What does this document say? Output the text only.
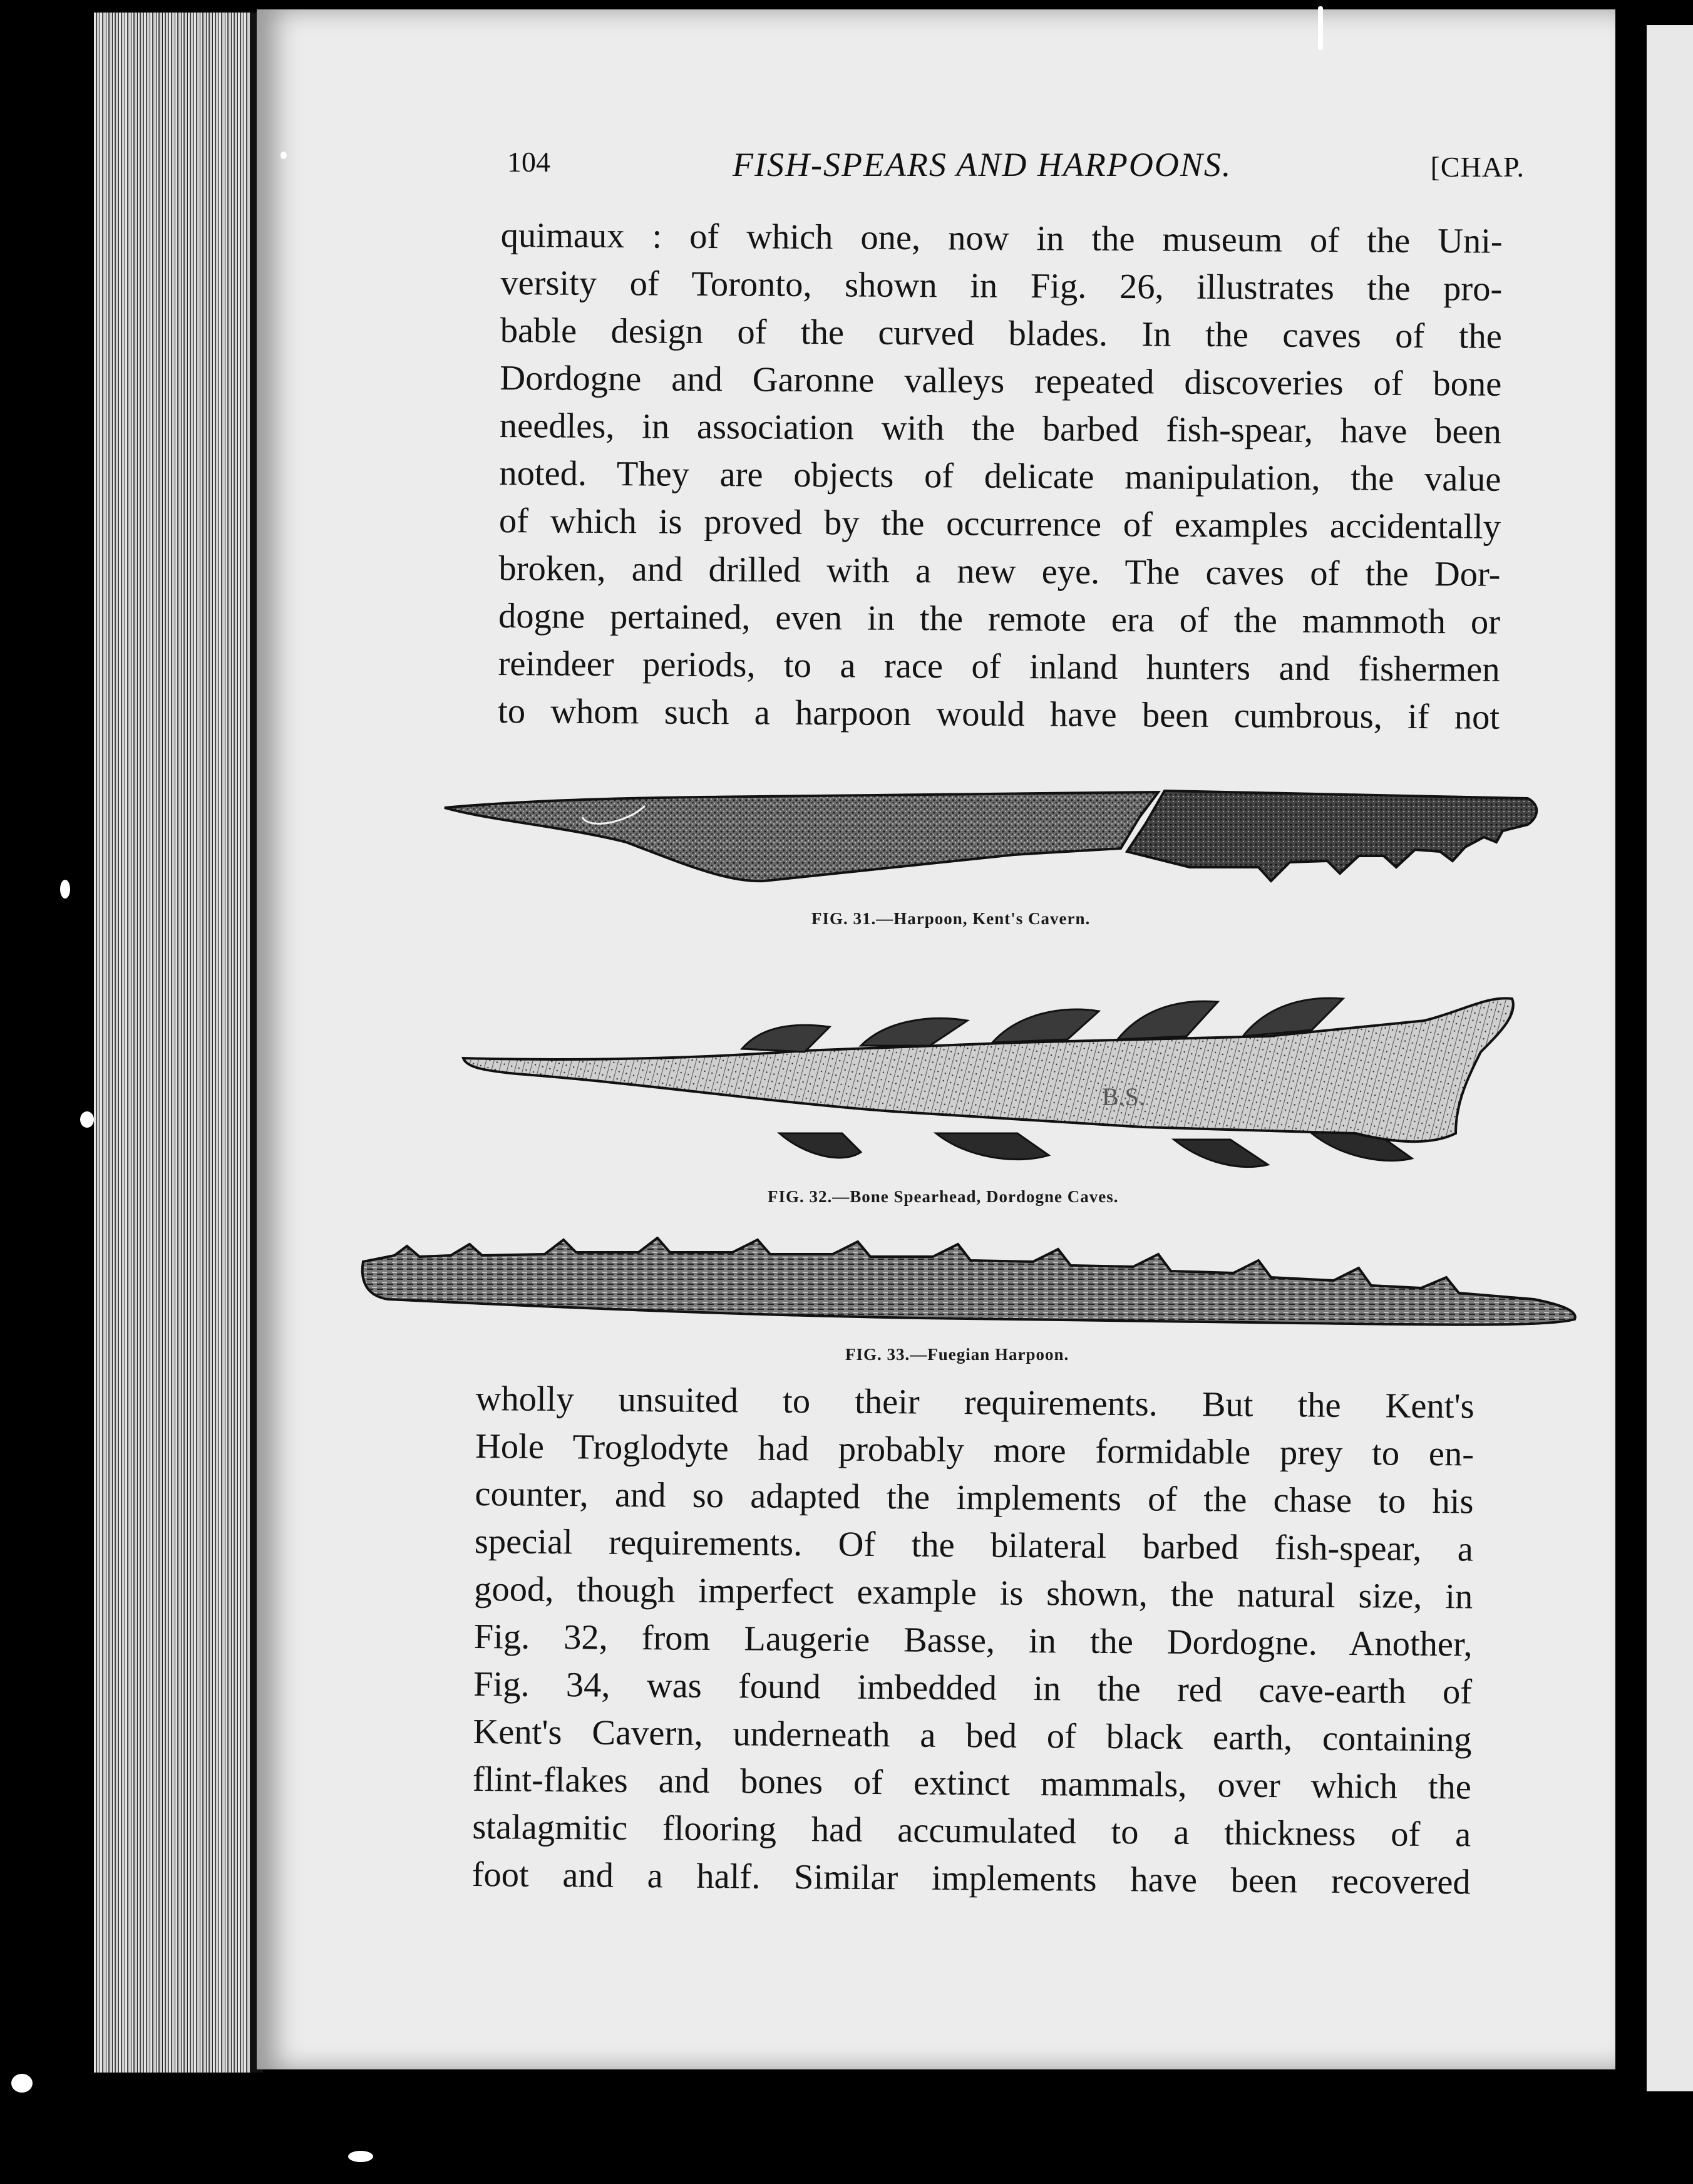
104	FISH-SPEARS AND HARPOONS.	[CHAP.
quimaux : of which one, now in the museum of the Uni-
versity of Toronto, shown in Fig. 26, illustrates the pro-
bable design of the curved blades. In the caves of the
Dordogne and Garonne valleys repeated discoveries of bone
needles, in association with the barbed fish-spear, have been
noted. They are objects of delicate manipulation, the value
of which is proved by the occurrence of examples accidentally
broken, and drilled with a new eye. The caves of the Dor-
dogne pertained, even in the remote era of the mammoth or
reindeer periods, to a race of inland hunters and fishermen
to whom such a harpoon would have been cumbrous, if not
FIG. 31.—Harpoon, Kent's Cavern.
B.S.
FIG. 32.—Bone Spearhead, Dordogne Caves.
FIG. 33.—Fuegian Harpoon.
wholly unsuited to their requirements. But the Kent's
Hole Troglodyte had probably more formidable prey to en-
counter, and so adapted the implements of the chase to his
special requirements. Of the bilateral barbed fish-spear, a
good, though imperfect example is shown, the natural size, in
Fig. 32, from Laugerie Basse, in the Dordogne. Another,
Fig. 34, was found imbedded in the red cave-earth of
Kent's Cavern, underneath a bed of black earth, containing
flint-flakes and bones of extinct mammals, over which the
stalagmitic flooring had accumulated to a thickness of a
foot and a half. Similar implements have been recovered
